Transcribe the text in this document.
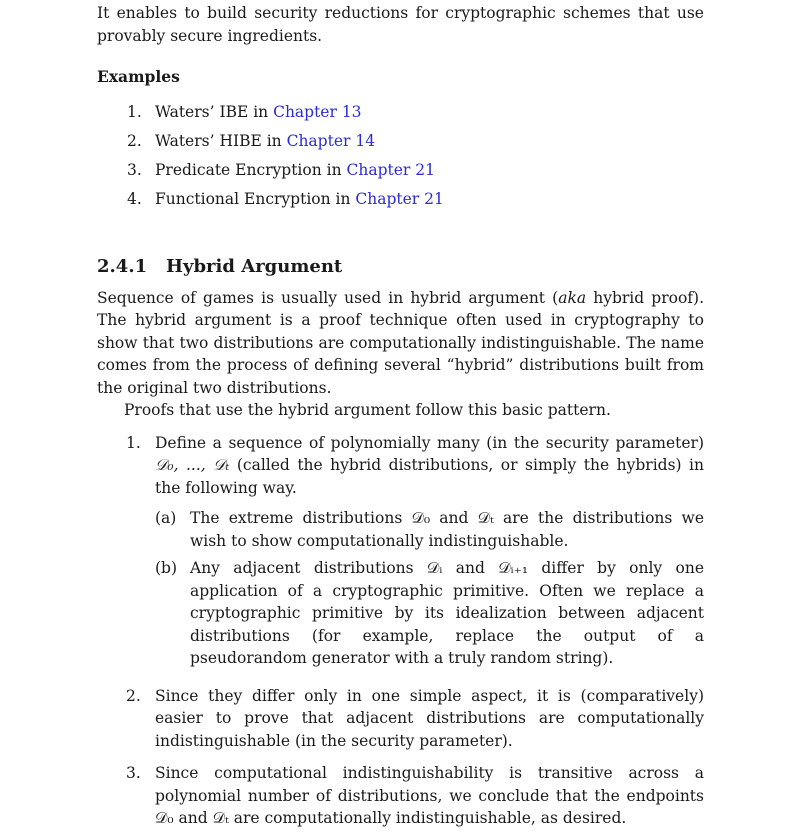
It enables to build security reductions for cryptographic schemes that use provably secure ingredients.

Examples

1. Waters’ IBE in Chapter 13
2. Waters’ HIBE in Chapter 14
3. Predicate Encryption in Chapter 21
4. Functional Encryption in Chapter 21
2.4.1 Hybrid Argument

Sequence of games is usually used in hybrid argument (aka hybrid proof). The hybrid argument is a proof technique often used in cryptography to show that two distributions are computationally indistinguishable. The name comes from the process of defining several “hybrid” distributions built from the original two distributions.

Proofs that use the hybrid argument follow this basic pattern.

1. Define a sequence of polynomially many (in the security parameter) 𝒟₀, ..., 𝒟ₜ (called the hybrid distributions, or simply the hybrids) in the following way.
(a) The extreme distributions 𝒟₀ and 𝒟ₜ are the distributions we wish to show computationally indistinguishable.
(b) Any adjacent distributions 𝒟ᵢ and 𝒟ᵢ₊₁ differ by only one application of a cryptographic primitive. Often we replace a cryptographic primitive by its idealization between adjacent distributions (for example, replace the output of a pseudorandom generator with a truly random string).
2. Since they differ only in one simple aspect, it is (comparatively) easier to prove that adjacent distributions are computationally indistinguishable (in the security parameter).
3. Since computational indistinguishability is transitive across a polynomial number of distributions, we conclude that the endpoints 𝒟₀ and 𝒟ₜ are computationally indistinguishable, as desired.
